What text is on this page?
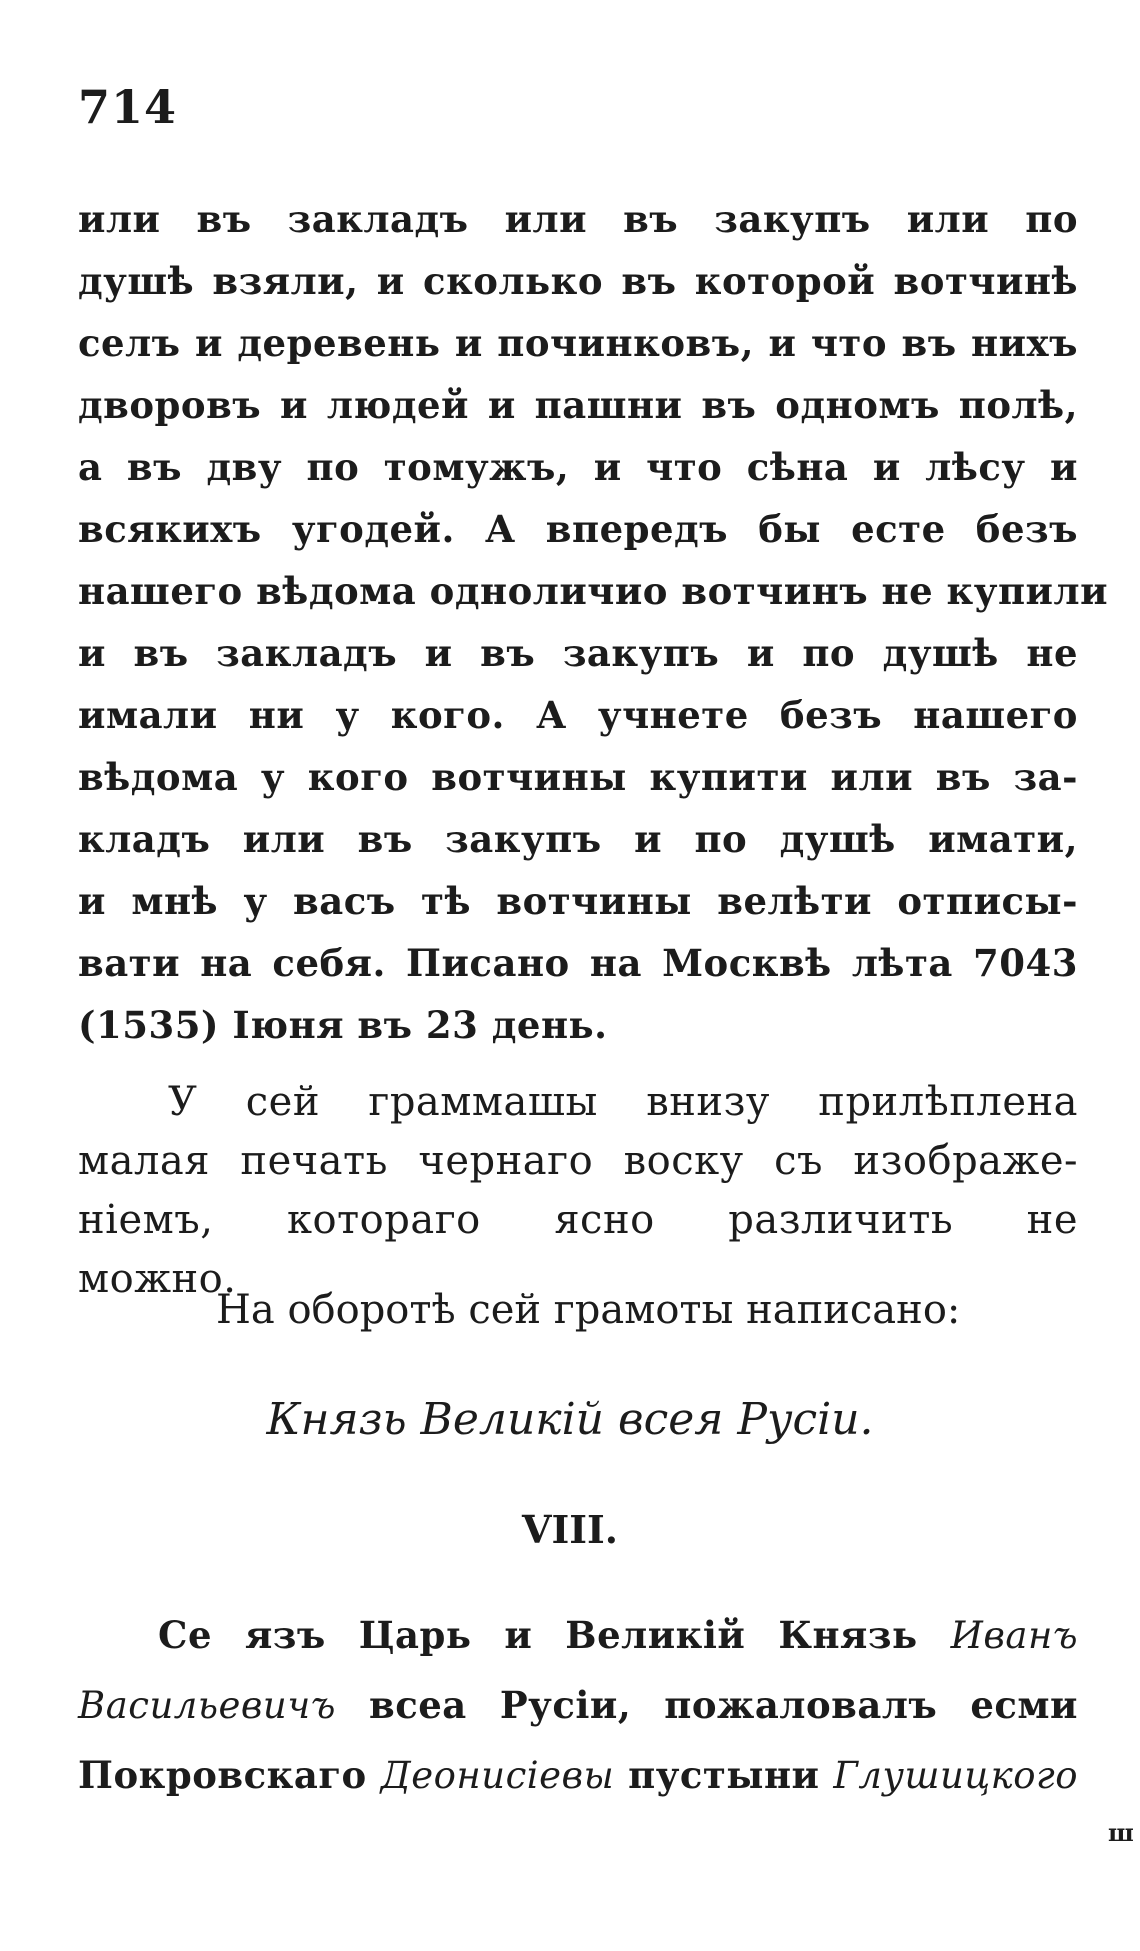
714
или въ закладъ или въ закупъ или по
душѣ взяли, и сколько въ которой вотчинѣ
селъ и деревень и починковъ, и что въ нихъ
дворовъ и людей и пашни въ одномъ полѣ,
а въ дву по томужъ, и что сѣна и лѣсу и
всякихъ угодей. А впередъ бы есте безъ
нашего вѣдома одноличио вотчинъ не купили
и въ закладъ и въ закупъ и по душѣ не
имали ни у кого. А учнете безъ нашего
вѣдома у кого вотчины купити или въ за-
кладъ или въ закупъ и по душѣ имати,
и мнѣ у васъ тѣ вотчины велѣти отписы-
вати на себя. Писано на Москвѣ лѣта 7043
(1535) Іюня въ 23 день.
У сей граммашы внизу прилѣплена
малая печать чернаго воску съ изображе-
ніемъ, котораго ясно различить не
можно.
На оборотѣ сей грамоты написано:
Князь Великій всея Русіи.
VIII.
Се язъ Царь и Великій Князь Иванъ
Васильевичъ всеа Русіи, пожаловалъ есми
Покровскаго Деонисіевы пустыни Глушицкого
ш
